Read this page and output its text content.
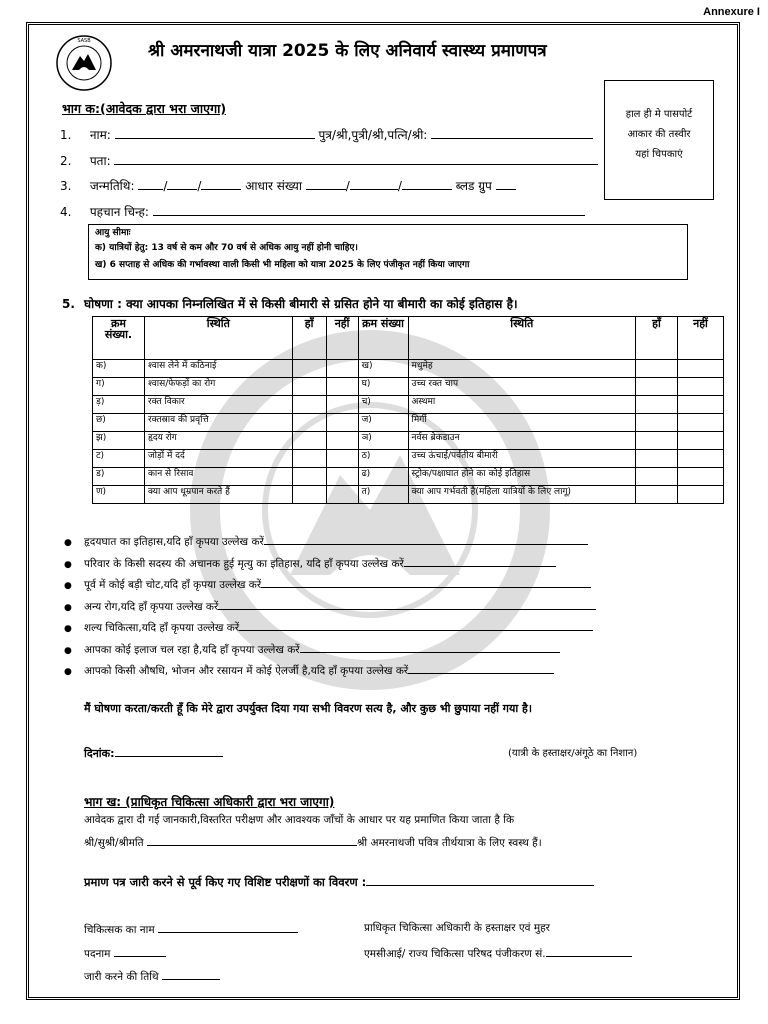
Annexure I
SASB	श्री अमरनाथजी यात्रा 2025 के लिए अनिवार्य स्वास्थ्य प्रमाणपत्र
हाल ही मे पासपोर्ट
आकार की तस्वीर
यहां चिपकाएं
भाग क:(आवेदक द्वारा भरा जाएगा)
1. नाम:	पुत्र/श्री,पुत्री/श्री,पत्नि/श्री:
2. पता:
3. जन्मतिथि: /	/	आधार संख्या	/	/	ब्लड ग्रुप
4. पहचान चिन्ह:
आयु सीमाः
क) यात्रियों हेतु: 13 वर्ष से कम और 70 वर्ष से अधिक आयु नहीं होनी चाहिए।
ख) 6 सप्ताह से अधिक की गर्भावस्था वाली किसी भी महिला को यात्रा 2025 के लिए पंजीकृत नहीं किया जाएगा
5. घोषणा : क्या आपका निम्नलिखित में से किसी बीमारी से ग्रसित होने या बीमारी का कोई इतिहास है।
क्रम संख्या.	स्थिति	हाँ	नहीं	क्रम संख्या	स्थिति	हाँ	नहीं
क)	श्वास लेने में कठिनाई			ख)	मधुमेह		
ग)	श्वास/फेफड़ों का रोग			घ)	उच्च रक्त चाप		
ड़)	रक्त विकार			च)	अस्थमा		
छ)	रक्तस्राव की प्रवृत्ति			ज)	मिर्गी		
झ)	हृदय रोग			ञ)	नर्वस ब्रेकडाउन		
ट)	जोड़ों में दर्द			ठ)	उच्च ऊंचाई/पर्वतीय बीमारी		
ड)	कान से रिसाव			ढ)	स्ट्रोक/पक्षाघात होने का कोई इतिहास		
ण)	क्या आप धूम्रपान करते हैं			त)	क्या आप गर्भवती है(महिला यात्रियों के लिए लागू)		
● हृदयघात का इतिहास,यदि हाँ कृपया उल्लेख करें
● परिवार के किसी सदस्य की अचानक हुई मृत्यु का इतिहास, यदि हाँ कृपया उल्लेख करें
● पूर्व में कोई बड़ी चोट,यदि हाँ कृपया उल्लेख करें
● अन्य रोग,यदि हाँ कृपया उल्लेख करें
● शल्य चिकित्सा,यदि हाँ कृपया उल्लेख करें
● आपका कोई इलाज चल रहा है,यदि हाँ कृपया उल्लेख करें
● आपको किसी औषधि, भोजन और रसायन में कोई ऐलर्जी है,यदि हाँ कृपया उल्लेख करें
मैं घोषणा करता/करती हूँ कि मेरे द्वारा उपर्युक्त दिया गया सभी विवरण सत्य है, और कुछ भी छुपाया नहीं गया है।
दिनांक:	(यात्री के हस्ताक्षर/अंगूठे का निशान)
भाग ख: (प्राधिकृत चिकित्सा अधिकारी द्वारा भरा जाएगा)
आवेदक द्वारा दी गई जानकारी,विस्तरित परीक्षण और आवश्यक जाँचों के आधार पर यह प्रमाणित किया जाता है कि
श्री/सुश्री/श्रीमति	श्री अमरनाथजी पवित्र तीर्थयात्रा के लिए स्वस्थ हैं।
प्रमाण पत्र जारी करने से पूर्व किए गए विशिष्ट परीक्षणों का विवरण :
चिकित्सक का नाम	प्राधिकृत चिकित्सा अधिकारी के हस्ताक्षर एवं मुहर
पदनाम	एमसीआई/ राज्य चिकित्सा परिषद पंजीकरण सं.
जारी करने की तिथि
